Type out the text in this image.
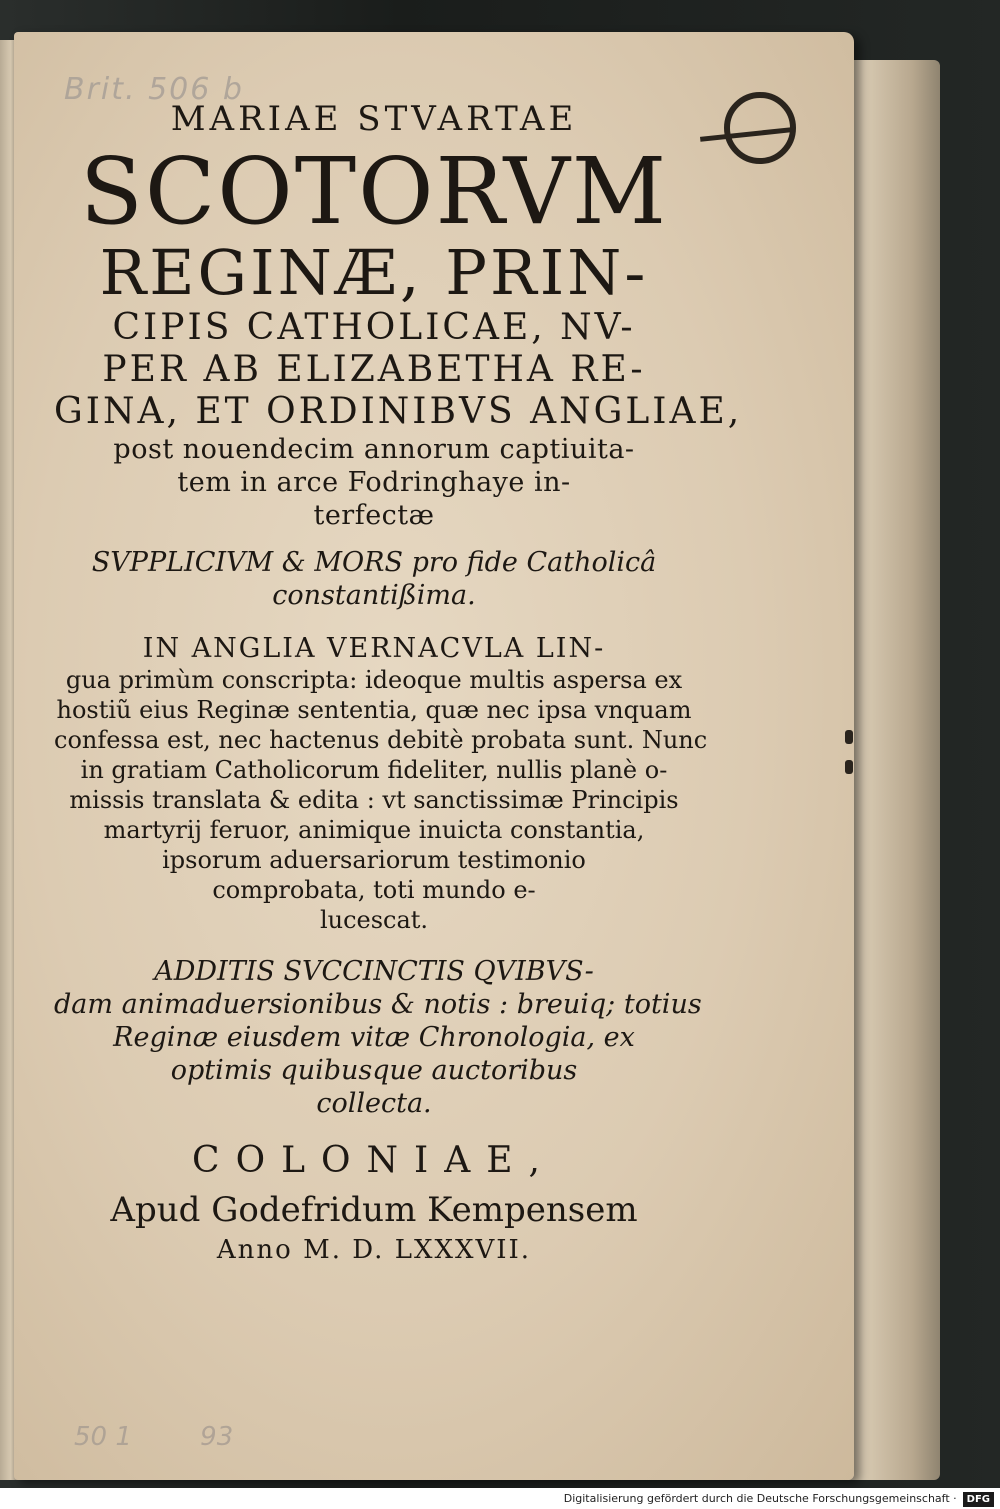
Brit. 506 b
MARIAE STVARTAE
SCOTORVM
REGINÆ, PRIN-
CIPIS CATHOLICAE, NV-
PER AB ELIZABETHA RE-
GINA, ET ORDINIBVS ANGLIAE,
post nouendecim annorum captiuita-
tem in arce Fodringhaye in-
terfectæ
SVPPLICIVM & MORS pro fide Catholicâ
constantißima.
IN ANGLIA VERNACVLA LIN-
gua primùm conscripta: ideoque multis aspersa ex
hostiũ eius Reginæ sententia, quæ nec ipsa vnquam
confessa est, nec hactenus debitè probata sunt. Nunc
in gratiam Catholicorum fideliter, nullis planè o-
missis translata & edita : vt sanctissimæ Principis
martyrij feruor, animique inuicta constantia,
ipsorum aduersariorum testimonio
comprobata, toti mundo e-
lucescat.
ADDITIS SVCCINCTIS QVIBVS-
dam animaduersionibus & notis : breuiq; totius
Reginæ eiusdem vitæ Chronologia, ex
optimis quibusque auctoribus
collecta.
COLONIAE,
Apud Godefridum Kempensem
Anno M. D. LXXXVII.
50 1	93
Digitalisierung gefördert durch die Deutsche Forschungsgemeinschaft · DFG
